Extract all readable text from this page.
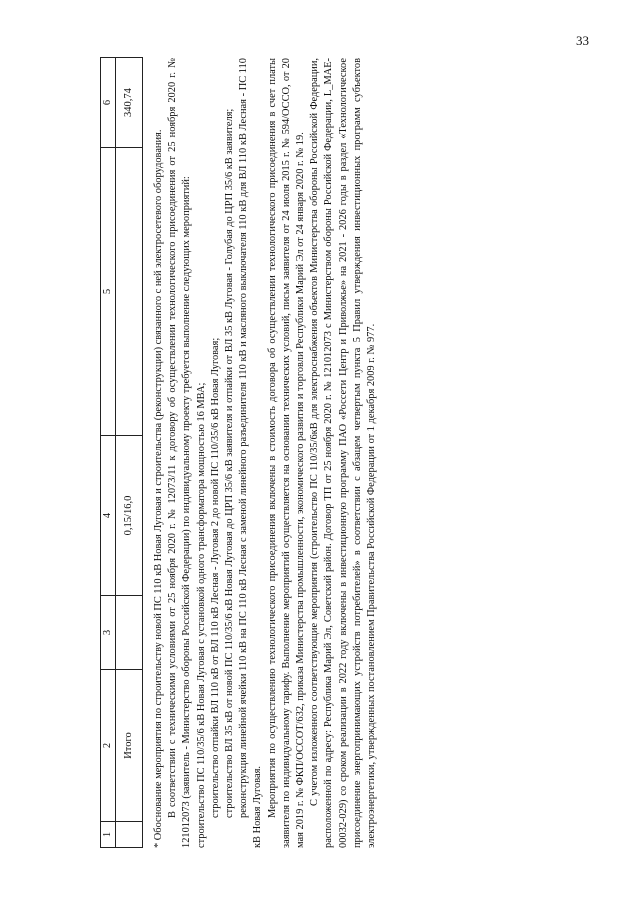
33
1	2	3	4	5	6
	Итого		0,15/16,0		340,74

* Обоснование мероприятия по строительству новой ПС 110 кВ Новая Луговая и строительства (реконструкции) связанного с ней электросетевого оборудования. В соответствии с техническими условиями от 25 ноября 2020 г. № 12073/11 к договору об осуществлении технологического присоединения от 25 ноября 2020 г. № 121012073 (заявитель - Министерство обороны Российской Федерации) по индивидуальному проекту требуется выполнение следующих мероприятий: строительство ПС 110/35/6 кВ Новая Луговая с установкой одного трансформатора мощностью 16 МВА; строительство отпайки ВЛ 110 кВ от ВЛ 110 кВ Лесная - Луговая 2 до новой ПС 110/35/6 кВ Новая Луговая; строительство ВЛ 35 кВ от новой ПС 110/35/6 кВ Новая Луговая до ЦРП 35/6 кВ заявителя и отпайки от ВЛ 35 кВ Луговая - Голубая до ЦРП 35/6 кВ заявителя; реконструкция линейной ячейки 110 кВ на ПС 110 кВ Лесная с заменой линейного разъединителя 110 кВ и масляного выключателя 110 кВ для ВЛ 110 кВ Лесная - ПС 110 кВ Новая Луговая. Мероприятия по осуществлению технологического присоединения включены в стоимость договора об осуществлении технологического присоединения в счет платы заявителя по индивидуальному тарифу. Выполнение мероприятий осуществляется на основании технических условий, письм заявителя от 24 июля 2015 г. № 594/ОССО, от 20 мая 2019 г. № ФКП/ОССОТ/632, приказа Министерства промышленности, экономического развития и торговли Республики Марий Эл от 24 января 2020 г. № 19. С учетом изложенного соответствующие мероприятия (строительство ПС 110/35/6кВ для электроснабжения объектов Министерства обороны Российской Федерации, расположенной по адресу: Республика Марий Эл, Советский район. Договор ТП от 25 ноября 2020 г. № 121012073 с Министерством обороны Российской Федерации, L_MAE-00032-029) со сроком реализации в 2022 году включены в инвестиционную программу ПАО «Россети Центр и Приволжье» на 2021 - 2026 годы в раздел «Технологическое присоединение энергопринимающих устройств потребителей» в соответствии с абзацем четвертым пункта 5 Правил утверждения инвестиционных программ субъектов электроэнергетики, утвержденных постановлением Правительства Российской Федерации от 1 декабря 2009 г. № 977.
